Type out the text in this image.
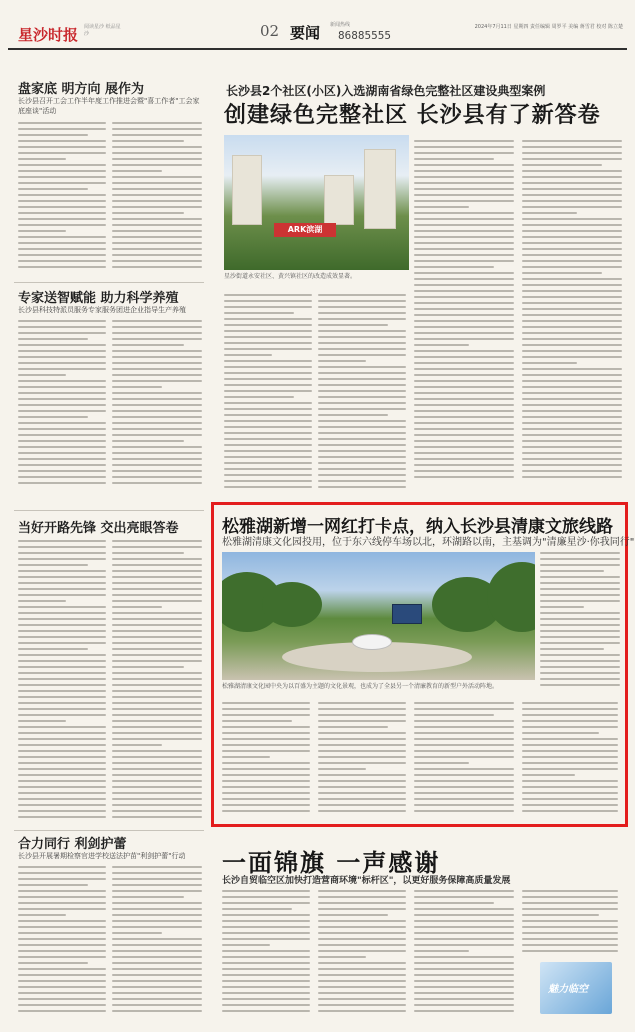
星沙时报 阅读星沙 纸品星沙	02 要闻 新闻热线
86885555
2024年7月11日 星期四 责任编辑 周罗平 美编 蒋雪君 校对 陈立楚
盘家底 明方向 展作为
长沙县召开工会工作半年度工作推进会暨"喜工作者"工会家底座谈"活动
专家送智赋能 助力科学养殖
长沙县科技特派员服务专家服务团进企业指导生产养殖
当好开路先锋 交出亮眼答卷
合力同行 利剑护蕾
长沙县开展暑期检察官进学校送法护苗"利剑护蕾"行动
长沙县2个社区(小区)入选湖南省绿色完整社区建设典型案例
创建绿色完整社区 长沙县有了新答卷
ARK滨湖
星沙街道永安社区、黄兴镇社区的改造成效显著。
松雅湖新增一网红打卡点，纳入长沙县清康文旅线路
松雅湖清康文化园投用，位于东六线停车场以北，环湖路以南，主基调为"清廉星沙·你我同行"
松雅湖清康文化园中央为以百盛为主题的文化景观，也成为了全县另一个清廉教育的新型户外活动阵地。
一面锦旗 一声感谢
长沙自贸临空区加快打造营商环境"标杆区"，以更好服务保障高质量发展
魅力临空
